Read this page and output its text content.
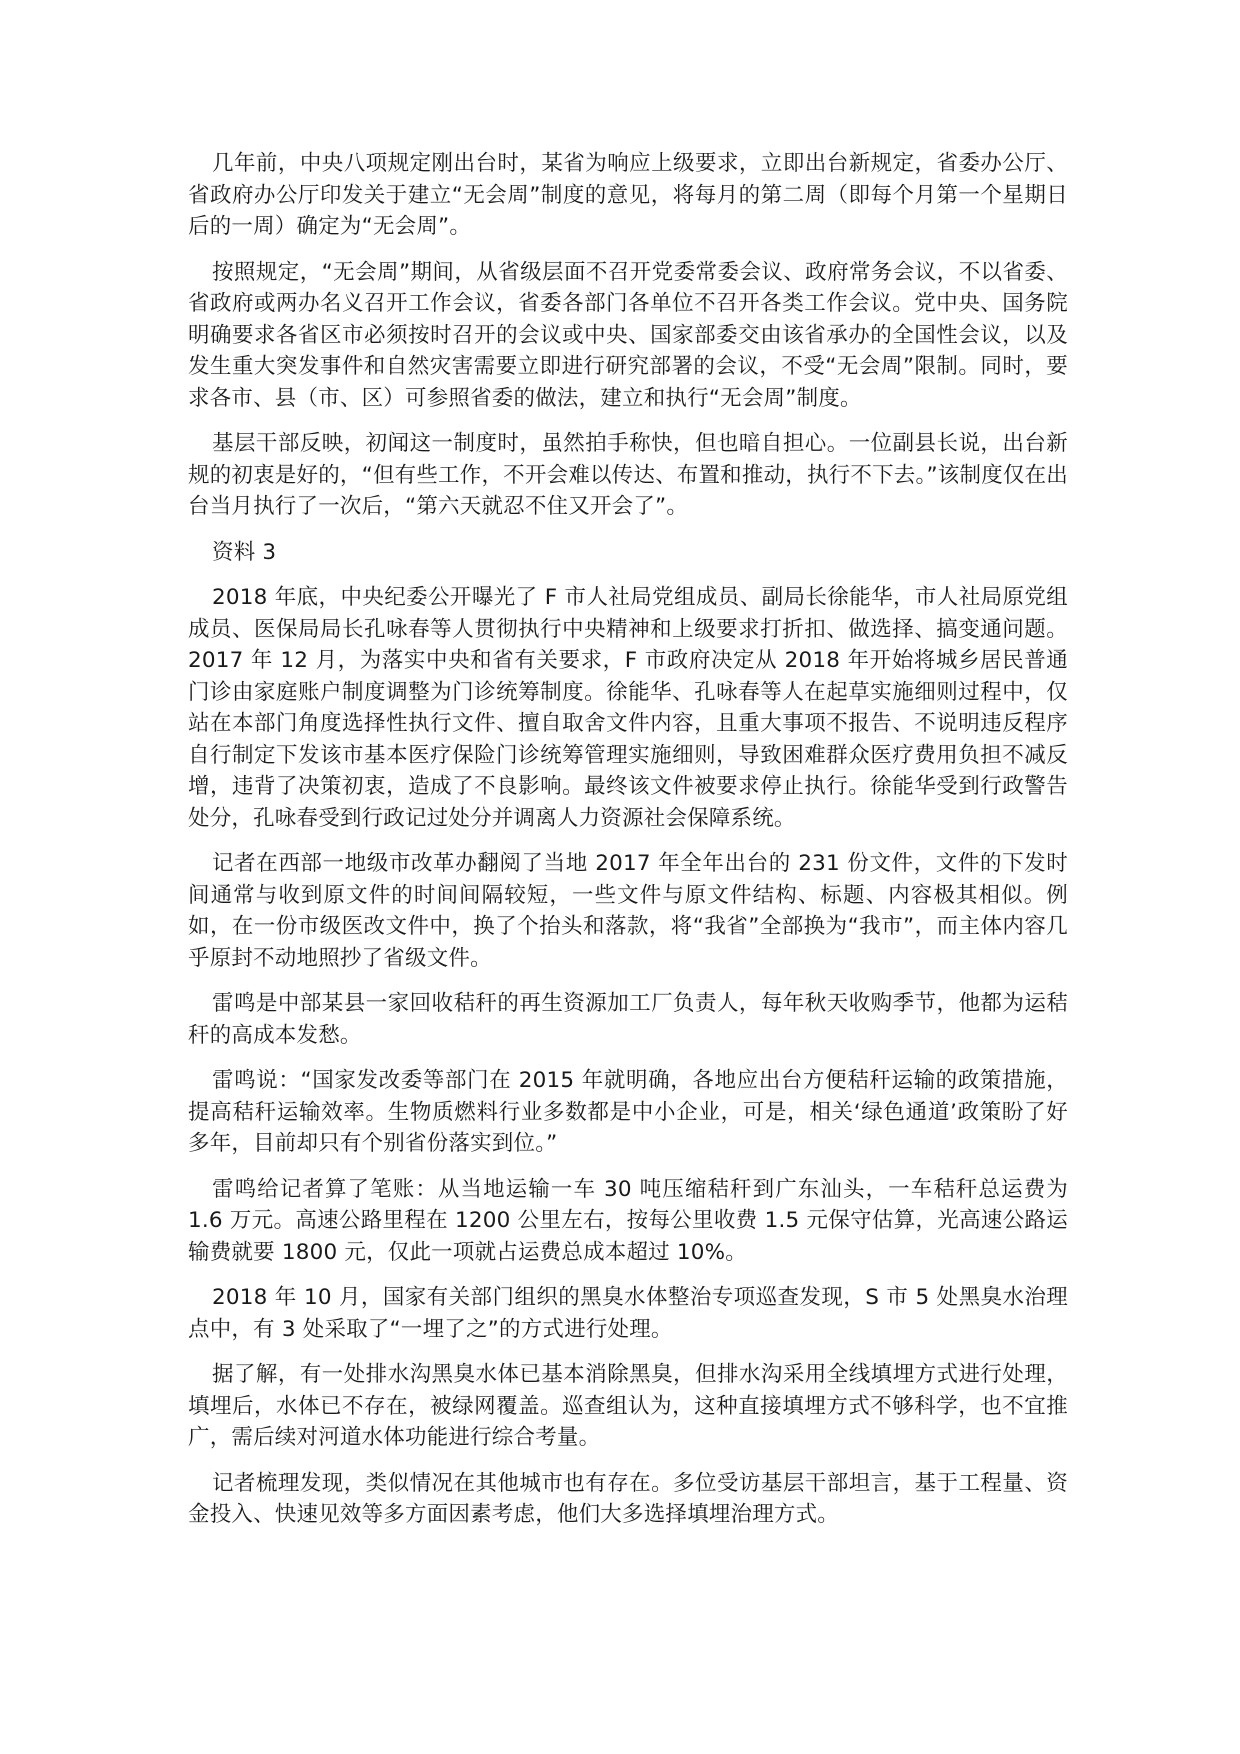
几年前，中央八项规定刚出台时，某省为响应上级要求，立即出台新规定，省委办公厅、省政府办公厅印发关于建立“无会周”制度的意见，将每月的第二周（即每个月第一个星期日后的一周）确定为“无会周”。

按照规定，“无会周”期间，从省级层面不召开党委常委会议、政府常务会议，不以省委、省政府或两办名义召开工作会议，省委各部门各单位不召开各类工作会议。党中央、国务院明确要求各省区市必须按时召开的会议或中央、国家部委交由该省承办的全国性会议，以及发生重大突发事件和自然灾害需要立即进行研究部署的会议，不受“无会周”限制。同时，要求各市、县（市、区）可参照省委的做法，建立和执行“无会周”制度。

基层干部反映，初闻这一制度时，虽然拍手称快，但也暗自担心。一位副县长说，出台新规的初衷是好的，“但有些工作，不开会难以传达、布置和推动，执行不下去。”该制度仅在出台当月执行了一次后，“第六天就忍不住又开会了”。

资料 3

2018 年底，中央纪委公开曝光了 F 市人社局党组成员、副局长徐能华，市人社局原党组成员、医保局局长孔咏春等人贯彻执行中央精神和上级要求打折扣、做选择、搞变通问题。2017 年 12 月，为落实中央和省有关要求，F 市政府决定从 2018 年开始将城乡居民普通门诊由家庭账户制度调整为门诊统筹制度。徐能华、孔咏春等人在起草实施细则过程中，仅站在本部门角度选择性执行文件、擅自取舍文件内容，且重大事项不报告、不说明违反程序自行制定下发该市基本医疗保险门诊统筹管理实施细则，导致困难群众医疗费用负担不减反增，违背了决策初衷，造成了不良影响。最终该文件被要求停止执行。徐能华受到行政警告处分，孔咏春受到行政记过处分并调离人力资源社会保障系统。

记者在西部一地级市改革办翻阅了当地 2017 年全年出台的 231 份文件，文件的下发时间通常与收到原文件的时间间隔较短，一些文件与原文件结构、标题、内容极其相似。例如，在一份市级医改文件中，换了个抬头和落款，将“我省”全部换为“我市”，而主体内容几乎原封不动地照抄了省级文件。

雷鸣是中部某县一家回收秸秆的再生资源加工厂负责人，每年秋天收购季节，他都为运秸秆的高成本发愁。

雷鸣说：“国家发改委等部门在 2015 年就明确，各地应出台方便秸秆运输的政策措施，提高秸秆运输效率。生物质燃料行业多数都是中小企业，可是，相关‘绿色通道’政策盼了好多年，目前却只有个别省份落实到位。”

雷鸣给记者算了笔账：从当地运输一车 30 吨压缩秸秆到广东汕头，一车秸秆总运费为 1.6 万元。高速公路里程在 1200 公里左右，按每公里收费 1.5 元保守估算，光高速公路运输费就要 1800 元，仅此一项就占运费总成本超过 10%。

2018 年 10 月，国家有关部门组织的黑臭水体整治专项巡查发现，S 市 5 处黑臭水治理点中，有 3 处采取了“一埋了之”的方式进行处理。

据了解，有一处排水沟黑臭水体已基本消除黑臭，但排水沟采用全线填埋方式进行处理，填埋后，水体已不存在，被绿网覆盖。巡查组认为，这种直接填埋方式不够科学，也不宜推广，需后续对河道水体功能进行综合考量。

记者梳理发现，类似情况在其他城市也有存在。多位受访基层干部坦言，基于工程量、资金投入、快速见效等多方面因素考虑，他们大多选择填埋治理方式。
